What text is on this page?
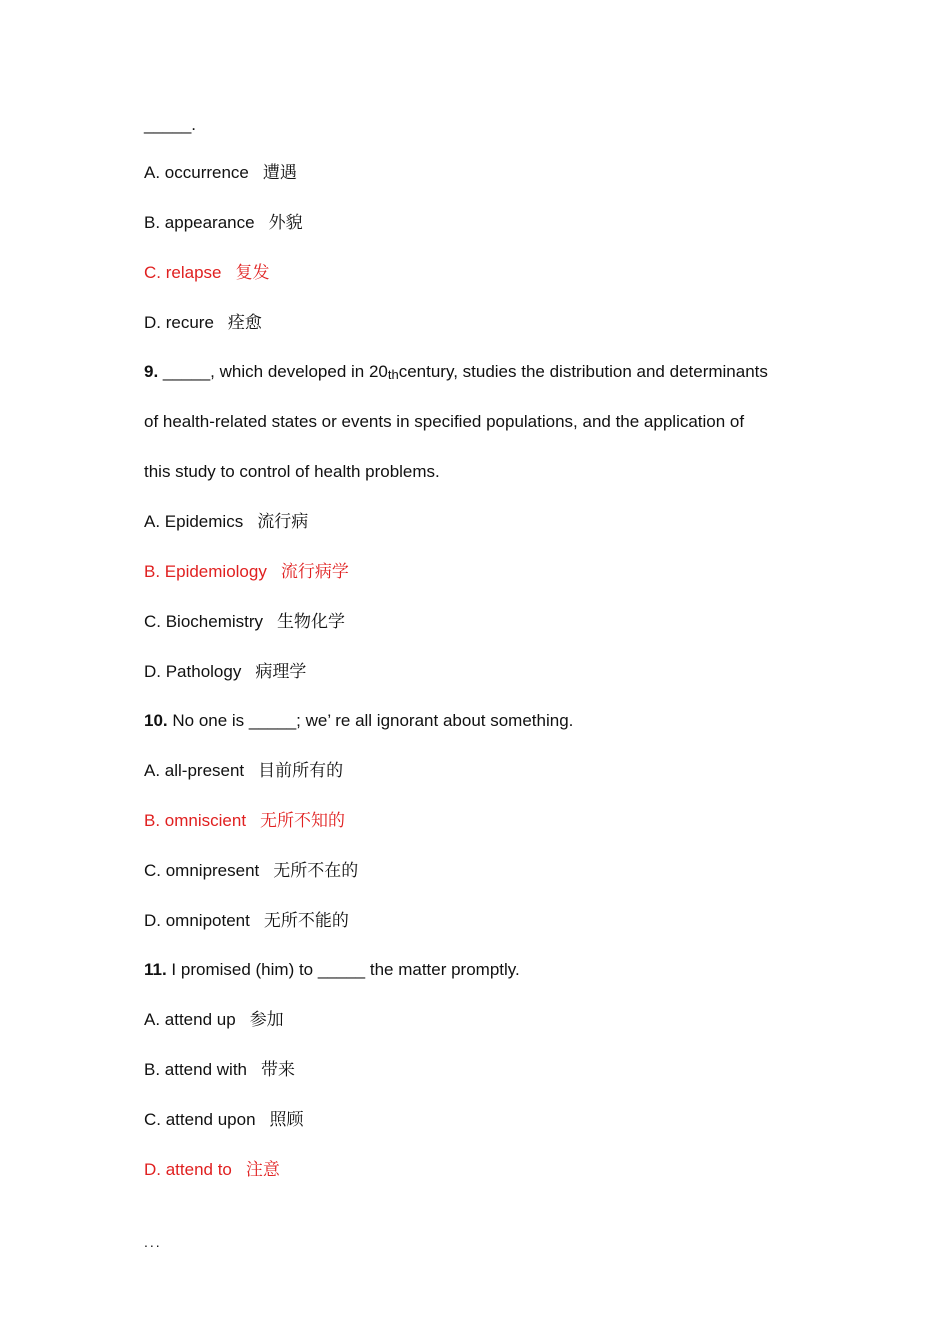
_____.
A. occurrence 遭遇
B. appearance 外貌
C. relapse 复发
D. recure 痊愈
9. _____, which developed in $20_{th}century$, studies the distribution and determinants
of health-related states or events in specified populations, and the application of
this study to control of health problems.
A. Epidemics 流行病
B. Epidemiology 流行病学
C. Biochemistry 生物化学
D. Pathology 病理学
10. No one is _____; we’ re all ignorant about something.
A. all-present 目前所有的
B. omniscient 无所不知的
C. omnipresent 无所不在的
D. omnipotent 无所不能的
11. I promised (him) to _____ the matter promptly.
A. attend up 参加
B. attend with 带来
C. attend upon 照顾
D. attend to 注意
...
